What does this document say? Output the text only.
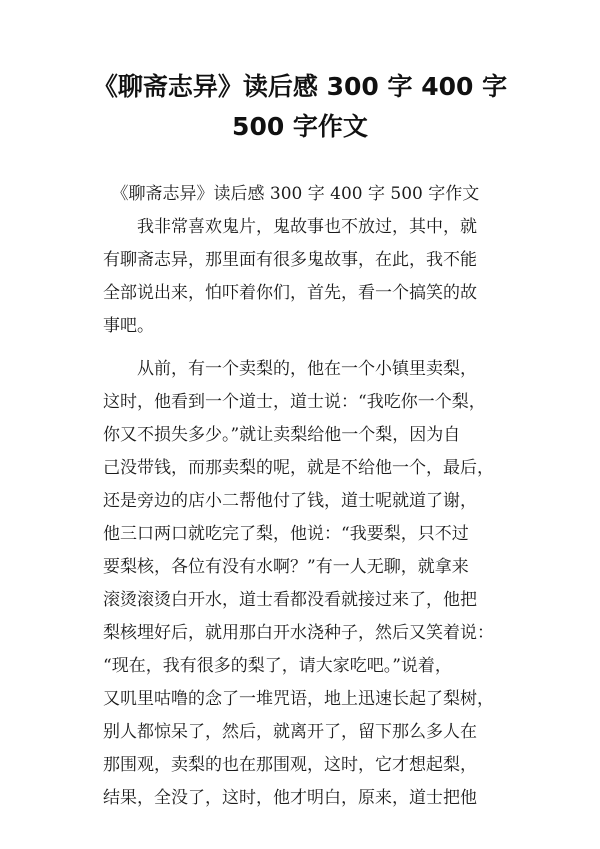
《聊斋志异》读后感 300 字 400 字
500 字作文
　《聊斋志异》读后感 300 字 400 字 500 字作文
　　我非常喜欢鬼片，鬼故事也不放过，其中，就
有聊斋志异，那里面有很多鬼故事，在此，我不能
全部说出来，怕吓着你们，首先，看一个搞笑的故
事吧。
　　从前，有一个卖梨的，他在一个小镇里卖梨，
这时，他看到一个道士，道士说：“我吃你一个梨，
你又不损失多少。”就让卖梨给他一个梨，因为自
己没带钱，而那卖梨的呢，就是不给他一个，最后，
还是旁边的店小二帮他付了钱，道士呢就道了谢，
他三口两口就吃完了梨，他说：“我要梨，只不过
要梨核，各位有没有水啊？”有一人无聊，就拿来
滚烫滚烫白开水，道士看都没看就接过来了，他把
梨核埋好后，就用那白开水浇种子，然后又笑着说：
“现在，我有很多的梨了，请大家吃吧。”说着，
又叽里咕噜的念了一堆咒语，地上迅速长起了梨树，
别人都惊呆了，然后，就离开了，留下那么多人在
那围观，卖梨的也在那围观，这时，它才想起梨，
结果，全没了，这时，他才明白，原来，道士把他
